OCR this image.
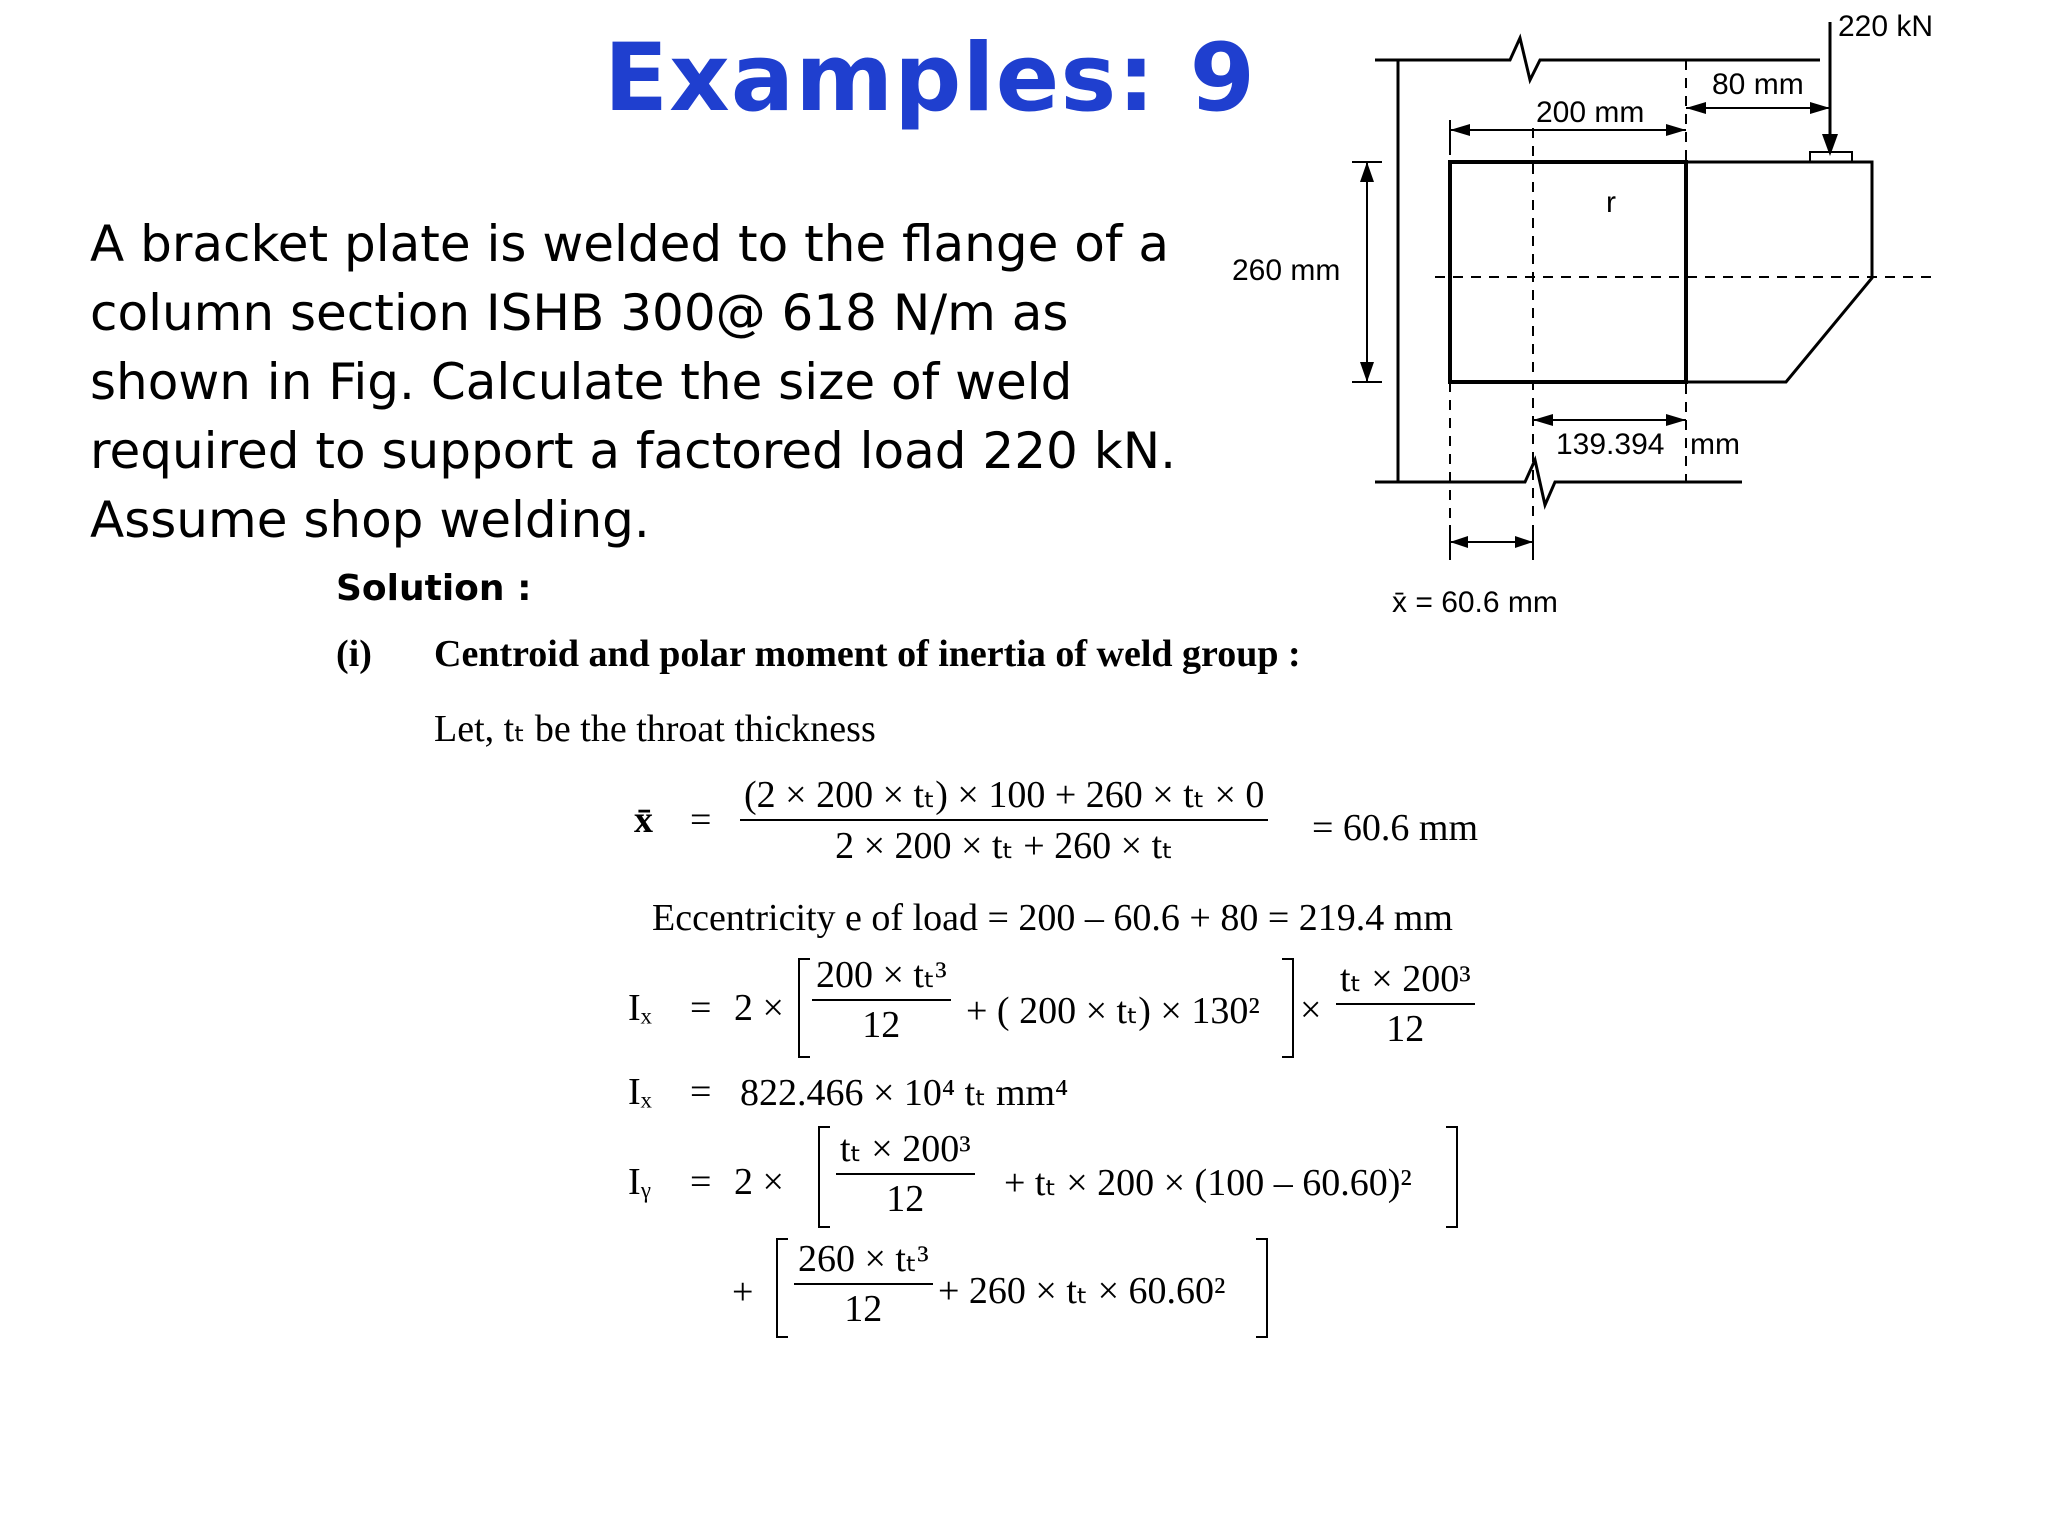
Examples: 9
A bracket plate is welded to the flange of a
column section ISHB 300@ 618 N/m as
shown in Fig. Calculate the size of weld
required to support a factored load 220 kN.
Assume shop welding.
220 kN
80 mm
200 mm
260 mm
r
139.394 mm
x̄ = 60.6 mm
Solution :
(i) Centroid and polar moment of inertia of weld group :
Let, tₜ be the throat thickness
x̄ =
(2 × 200 × tₜ) × 100 + 260 × tₜ × 0
2 × 200 × tₜ + 260 × tₜ	= 60.6 mm
Eccentricity e of load = 200 – 60.6 + 80 = 219.4 mm
Iₓ = 2 ×
200 × tₜ³
12 + ( 200 × tₜ) × 130² ×
tₜ × 200³
12
Iₓ = 822.466 × 10⁴ tₜ mm⁴
Iᵧ = 2 ×
tₜ × 200³
12 + tₜ × 200 × (100 – 60.60)²
+
260 × tₜ³
12 + 260 × tₜ × 60.60²
